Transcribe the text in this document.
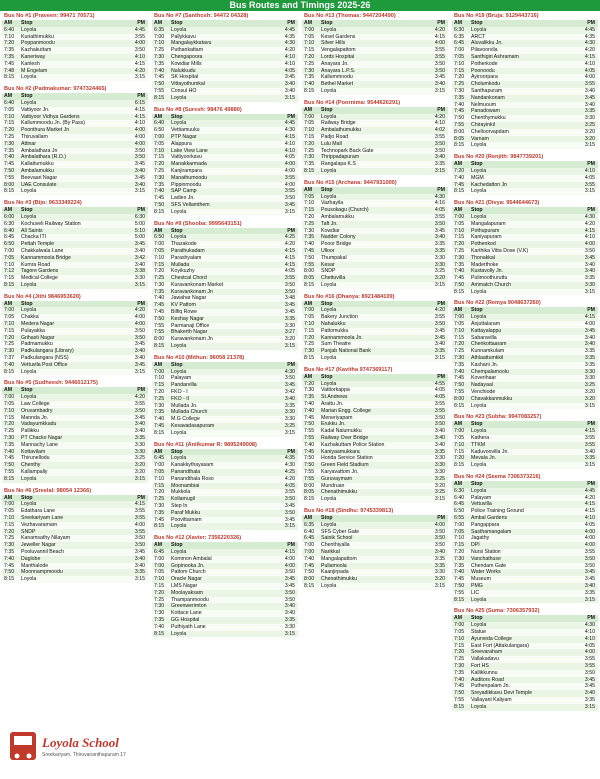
Bus Routes and Timings 2025-26
Bus No #1 (Praveen: 99471 70571)
AM	Stop	PM
6:40	Loyola	4:45
7:10	Kuriathimukku	3:55
7:20	Poppanmoodu	4:00
7:35	Kazhakuttam	3:50
7:35	Kaneriway	4:10
7:45	Kanlesh	4:15
7:48	M Engelam	4:20
8:15	Loyola	3:15
Bus No #2 (Padmakumar: 9747324465)
AM	Stop	PM
6:40	Loyola	6:15
7:05	Vattiyoor Jn.	4:15
7:10	Vattiyoor Vidhya Gardens	4:15
7:15	Kallummoodu Jn. (By Pass)	4:10
7:20	Poonthura Market Jn	4:00
7:25	Thiruvallam	4:00
7:30	Attinar	4:00
7:35	Ambalathara Jn	3:50
7:40	Ambalathara (R.O.)	3:50
7:45	Kallattumukku	3:45
7:50	Ambalamukku	3:40
7:55	Beevaari Nagar	3:45
8:00	UAE Consulate	3:40
8:15	Loyola	3:15
Bus No #3 (Bijo: 9633349224)
AM	Stop	PM
6:00	Loyola	6:30
6:30	Kochuveli Railway Station	5:00
6:40	All Saints	5:10
6:45	Chacka ITI	5:00
6:50	Pettah Temple	3:45
7:00	Chakkalwala Lane	3:40
7:05	Kannammoola Bridge	3:42
7:10	Kumra Road	3:40
7:12	Tagore Gardens	3:38
7:15	Medical College	3:30
8:15	Loyola	3:15
Bus No #4 (Jithi 9846953620)
AM	Stop	PM
7:00	Loyola	4:20
7:05	Chakka	4:00
7:10	Medera Nagar	4:00
7:15	Pulayakka	3:50
7:20	Grihasti Nagar	3:50
7:25	Padmamukku	3:45
7:30	Padkulangara (Library)	3:40
7:37	Padkulangara (NSS)	3:40
7:40	Vettuvila Post Office	3:45
8:15	Loyola	3:15
Bus No #5 (Sudheesh: 9446012175)
AM	Stop	PM
7:00	Loyola	4:20
7:05	Law College	3:55
7:10	Oruvambadry	3:50
7:15	Mannda Jn.	3:45
7:20	Vadayumkkadu	3:40
7:25	Pallikku	3:40
7:30	PT Chacko Nagar	3:35
7:35	Mannachy Lane	3:30
7:40	Kottavilam	3:30
7:45	Thirunellodu	3:25
7:50	Chenthy	3:20
7:55	Kallampally	3:20
8:15	Loyola	3:15
Bus No #6 (Sreelal: 98054 12366)
AM	Stop	PM
7:00	Loyola	4:15
7:05	Edathara Lane	3:55
7:10	Sreekariyam Lane	3:55
7:15	Vezhavaramam	4:00
7:20	SNDP	3:55
7:25	Kanamsathy Nilayam	3:50
7:30	Jeweller Nagar	3:50
7:35	Pooluvannil Beach	3:45
7:40	Daglobe	3:40
7:45	Manthalode	3:40
7:50	Moonnampmoodu	3:35
8:15	Loyola	3:15
Bus No #7 (Santhosh: 94472 04328)
AM	Stop	PM
6:35	Loyola	4:45
7:00	Pallykkavu	4:35
7:10	Mangalaykkatavu	4:30
7:25	Puthankattam	4:20
7:30	Chengapoora	4:10
7:35	Kowdiar Mills	4:10
7:40	Nalukkudu	4:05
7:45	SK Hospital	3:45
7:50	Vittayothumkal	3:40
7:55	Consul HO	3:40
8:15	Loyola	3:15
Bus No #8 (Suresh: 98476 49880)
AM	Stop	PM
6:40	Loyola	4:45
6:50	Vettiamuuku	4:30
7:00	PTP Nagar	4:15
7:05	Alappura	4:10
7:10	Lake View Lane	4:10
7:15	Vattiyoorkavu	4:05
7:20	Manakkarmada	4:00
7:25	Kanjirampara	4:00
7:30	Manathumoodu	3:55
7:35	Pippinmoodu	4:00
7:40	SAP Camp	3:55
7:45	Ladies Jn.	3:50
7:50	SFS Vellamthem	3:45
8:15	Loyola	3:15
Bus No #9 (Shooba: 9995643151)
AM	Stop	PM
6:50	Loyola	4:25
7:00	Thazakode	4:20
7:05	Parathukadam	4:15
7:10	Parashyalam	4:15
7:15	Mullada	4:15
7:20	Koyikuzhy	4:05
7:25	Chestcal Chord	3:55
7:30	Kuravankonam Market	3:50
7:35	Kuravankonam Jn	3:50
7:40	Jawahar Nagar	3:48
7:45	KV Pattom	3:45
7:45	Bilfiq Rowe	3:45
7:50	Keshay Nagar	3:35
7:55	Parmanaji Office	3:30
7:55	Bhakerth Nagar	3:27
8:00	Kuravankonam Jn	3:20
8:15	Loyola	3:15
Bus No #10 (Mithun: 96058 21378)
AM	Stop	PM
7:00	Loyola	4:30
7:10	Palayam	3:50
7:15	Pandarvilla	3:45
7:20	FKO - I	3:42
7:25	FKO - II	3:40
7:30	Mullada Jn.	3:35
7:35	Mullada Church	3:30
7:40	M.G College	3:30
7:45	Kesavadasapuram	3:25
8:15	Loyola	3:15
Bus No #11 (Anilkumar R: 9895249008)
AM	Stop	PM
6:45	Loyola	4:35
7:00	Kanakkythayasam	4:30
7:05	Panandthala	4:25
7:10	Panandthala Roso	4:20
7:15	Moonambiai	4:05
7:20	Mukkola	3:55
7:25	Kollamugil	3:50
7:30	Step In	3:45
7:35	Paraf Mukku	3:50
7:45	Poovittarnam	3:45
8:15	Loyola	3:15
Bus No #12 (Xavier: 7356220326)
AM	Stop	PM
6:45	Loyola	4:15
7:00	Kommon Ambalal	4:00
7:00	Gopinooka Jn.	4:00
7:05	Pattom Church	3:50
7:10	Oracle Nagar	3:45
7:15	LMS Nagar	3:45
7:20	Moolayaksam	3:50
7:25	Thampanmoodu	3:50
7:30	Greenwerimton	3:40
7:30	Kottace Lane	3:40
7:35	GG Hospital	3:35
7:40	Puthiyath Lane	3:30
8:15	Loyola	3:15
Bus No #13 (Thomas: 9447204490)
AM	Stop	PM
7:00	Loyola	4:20
7:05	Kesel Gardens	4:15
7:10	Silver Hills	4:00
7:15	Vengalapattom	3:55
7:20	Lords Hospital	3:55
7:25	Anayara Jn.	3:50
7:30	Anayara L.P.S.	3:50
7:35	Kallummoodu	3:45
7:40	Bethel Market	3:40
8:15	Loyola	3:15
Bus No #14 (Poornima: 9544626291)
AM	Stop	PM
7:00	Loyola	4:20
7:05	Railway Bridge	4:10
7:10	Ambalathumukku	4:02
7:15	Padjo Road	3:55
7:20	Lulu Mall	3:50
7:25	Technopark Back Gate	3:50
7:30	Thrippadapuram	3:40
7:35	Rangalapa K.S	3:35
8:15	Loyola	3:15
Bus No #15 (Archana: 9447931000)
AM	Stop	PM
7:05	Loyola	4:30
7:10	Vazhayila	4:16
7:15	Pousokagu (Church)	4:05
7:20	Ambalamukku	3:55
7:25	Taft Jn.	3:50
7:30	Kowdiar	3:45
7:35	Nadder Colony	3:40
7:40	Pooor Bridge	3:35
7:45	Ulloor	3:35
7:50	Thumpakal	3:30
7:55	Kesar	3:30
8:00	SNDP	3:25
8:05	Chettuvilla	3:20
8:15	Loyola	3:15
Bus No #16 (Dhanya: 8921484109)
AM	Stop	PM
7:00	Loyola	4:20
7:05	Bakery Junction	3:55
7:10	Nahalukku	3:50
7:15	Pattomukku	3:45
7:20	Kannammoola Jn.	3:45
7:25	Sum Theatre	3:40
7:30	Punjab National Bank	3:35
8:15	Loyola	3:15
Bus No #17 (Kavitha 9747369117)
AM	Stop	PM
7:20	Loyola	4:55
7:30	Vattiorkappa	4:05
7:35	St.Andrews	4:05
7:40	Arattu Jn.	3:55
7:40	Marian Engg. College	3:55
7:45	Meneriyapam	3:50
7:50	Erukku Jn.	3:50
7:55	Kadal Nalumukku	3:40
7:55	Railway Over Bridge	3:40
7:40	Kazhakuttam Police Station	3:40
7:45	Kaniyaamukkara	3:35
7:50	Honda Service Station	3:30
7:50	Green Field Stadium	3:30
7:55	Karyavattom Jn.	3:30
7:55	Guruvaymam	3:25
8:00	Mundruan	3:20
8:05	Chenathimukku	3:25
8:15	Loyola	3:15
Bus No #18 (Sindhu: 9745339813)
AM	Stop	PM
6:35	Loyola	4:00
6:40	SFS Cyber Gate	3:50
6:45	Sainik School	3:50
7:00	Chenthiyalla	3:50
7:00	Narikkal	3:40
7:40	Mangalapattom	3:35
7:45	Puliamoola	3:35
7:50	Kaanjirpada	3:30
8:00	Chenathimukku	3:20
8:15	Loyola	3:15
Bus No #19 (Bruja: 9129443716)
AM	Stop	PM
6:30	Loyola	4:45
6:35	ARCT	4:35
6:45	Aluvalikku Jn.	4:30
7:00	Pilavoorvila	4:20
7:05	Santhigiri Ashramam	4:15
7:10	Potherkode	4:10
7:15	Poonoodu	4:05
7:20	Ayiroorpara	4:00
7:25	Cholumkodu	3:55
7:30	Santhapuram	3:40
7:35	Nandankonam	3:45
7:40	Nelmuoum	3:40
7:45	Panadowam	3:35
7:50	Chenthymukku	3:30
7:55	Chirayinkil	3:25
8:00	Chelloorvapdam	3:20
8:05	Varnam	3:20
8:15	Loyola	3:15
Bus No #20 (Renjith: 9847739201)
AM	Stop	PM
7:20	Loyola	4:10
7:40	MGM	4:05
7:45	Kachedatton Jn	3:55
8:15	Loyola	3:15
Bus No #21 (Divya: 9544644673)
AM	Stop	PM
7:00	Loyola	4:30
7:05	Mangalapuram	4:20
7:10	Pothupuram	4:15
7:15	Kaniyapuram	4:10
7:20	Pothenkod	4:00
7:25	Karthika Vitta Dose (V.K)	3:50
7:30	Thonakkal	3:45
7:35	Maderthoke	3:40
7:40	Kustavolly Jn.	3:40
7:45	Pulimoothuruttu	3:35
7:50	Ammatch Church	3:30
8:15	Loyola	3:15
Bus No #22 (Remya 9048637260)
AM	Stop	PM
7:00	Loyola	4:15
7:05	Anjuttalaram	4:00
7:10	Kattayalappu	3:45
7:15	Sabaravilla	3:40
7:20	Chenkottaaram	3:40
7:25	Kunnamkulam	3:35
7:30	Athlaattumkkil	3:35
7:35	Kashani Jn.	3:35
7:40	Chempalamoolu	3:30
7:45	Koverihaar	3:30
7:50	Nadayaal	3:25
7:55	Venchiode	3:20
8:00	Chavakkanmukku	3:20
8:15	Loyola	3:15
Bus No #23 (Subha: 9947083257)
AM	Stop	PM
7:00	Loyola	4:15
7:05	Kathera	3:55
7:10	TTKM	3:55
7:15	Kaduvoovilla Jn.	3:40
7:20	Mevala Jn.	3:35
8:15	Loyola	3:15
Bus No #24 (Seema 7306373216)
AM	Stop	PM
6:30	Loyola	4:45
6:40	Palayam	4:20
6:45	Vettuvilla	4:15
6:50	Police Training Ground	4:15
6:55	Ambal Gardens	4:10
7:00	Pangappara	4:05
7:05	Sasthamangalam	4:00
7:10	Jagathy	4:00
7:15	DPI	4:00
7:20	Nursi Station	3:55
7:30	Vanchathuse	3:50
7:35	Chendam Gate	3:50
7:40	Water Works	3:45
7:45	Museum	3:45
7:50	PMG	3:40
7:55	LIC	3:35
8:15	Loyola	3:15
Bus No #25 (Suma: 7306357932)
AM	Stop	PM
7:00	Loyola	4:30
7:05	Statue	4:10
7:10	Ayurveda College	4:10
7:15	East Fort (Attakulangara)	4:05
7:20	Sreevaraham	4:00
7:25	Vallakadavu	3:55
7:30	Fort HS	3:55
7:35	Kallikkunnu	3:50
7:40	Auditors Road	3:45
7:45	Puthenpalam Jn.	3:45
7:50	Sreyadikkavu Devi Temple	3:40
7:55	Vallayani Kaliyam	3:35
8:15	Loyola	3:15
Loyola School
Sreekariyam, Thiruvananthapuram 17
